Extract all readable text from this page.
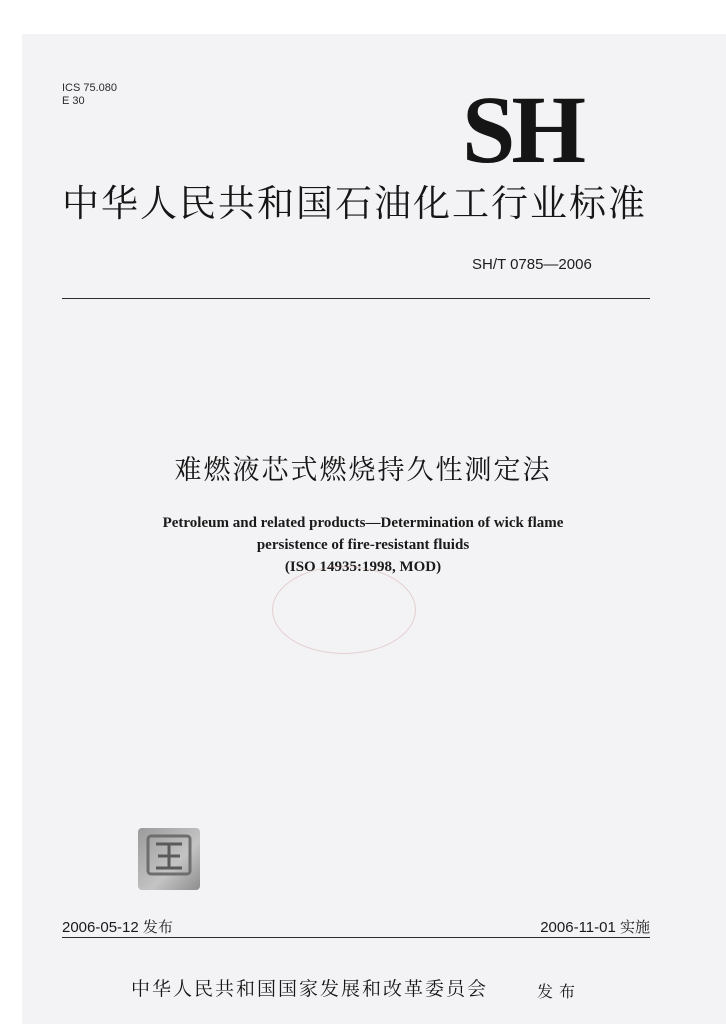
ICS 75.080
E 30	SH
中华人民共和国石油化工行业标准
SH/T 0785—2006
难燃液芯式燃烧持久性测定法
Petroleum and related products—Determination of wick flame
persistence of fire-resistant fluids
(ISO 14935:1998, MOD)
2006-05-12 发布	2006-11-01 实施
中华人民共和国国家发展和改革委员会	发布
